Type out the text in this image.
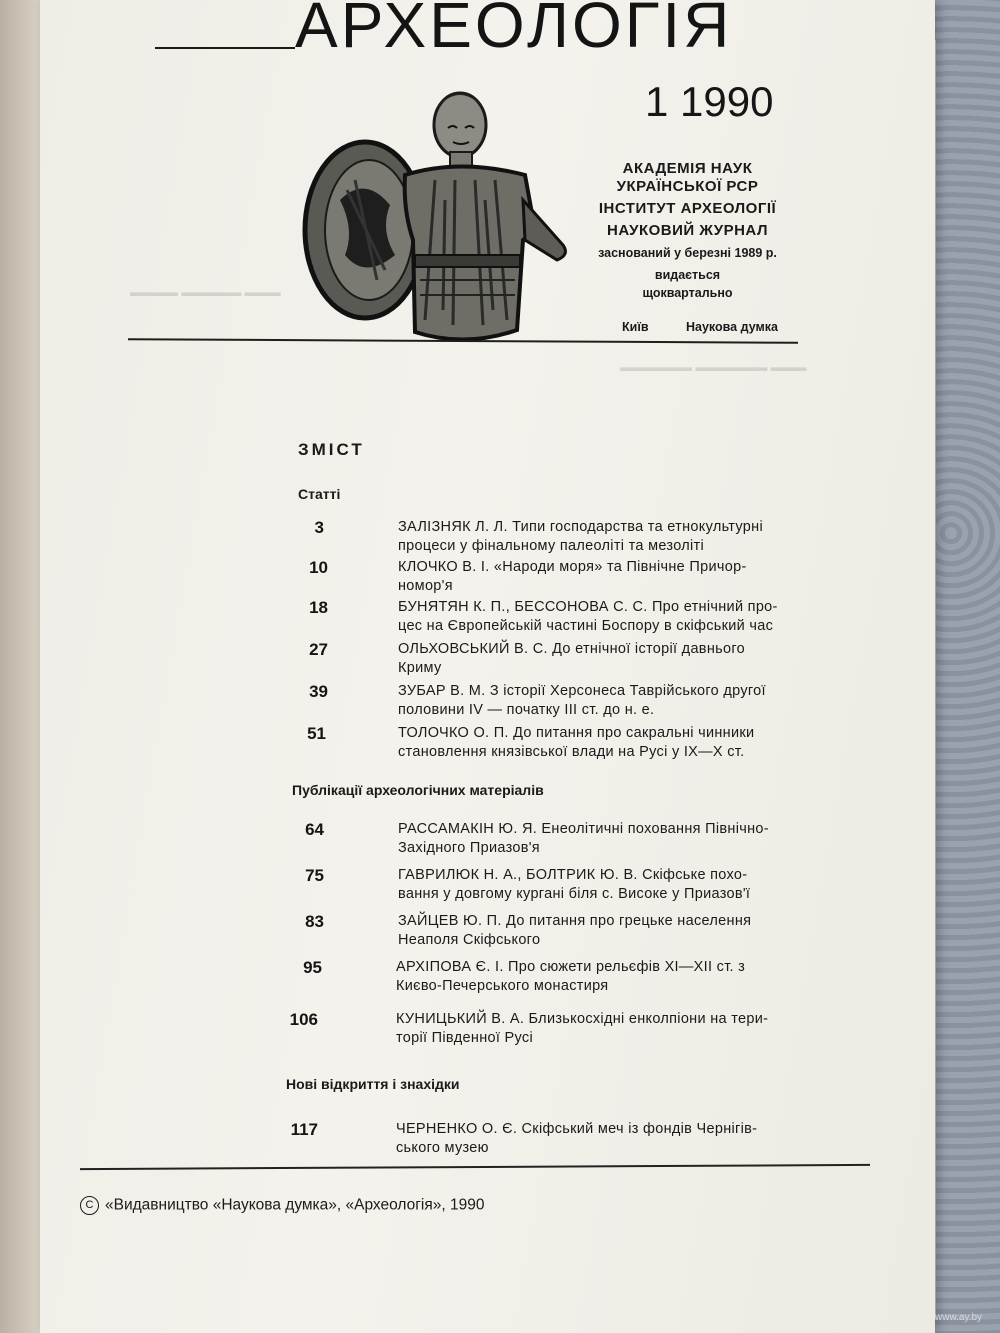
АРХЕОЛОГІЯ
1 1990
АКАДЕМІЯ НАУК
УКРАЇНСЬКОЇ РСР
ІНСТИТУТ АРХЕОЛОГІЇ
НАУКОВИЙ ЖУРНАЛ
заснований у березні 1989 р.
видається
щоквартально
Київ	Наукова думка
▬▬▬▬ ▬▬▬▬▬ ▬▬▬
▬▬▬▬▬▬ ▬▬▬▬▬▬ ▬▬▬
ЗМІСТ
Статті
3	ЗАЛІЗНЯК Л. Л. Типи господарства та етнокультурні
процеси у фінальному палеоліті та мезоліті
10	КЛОЧКО В. І. «Народи моря» та Північне Причор-
номор'я
18	БУНЯТЯН К. П., БЕССОНОВА С. С. Про етнічний про-
цес на Європейській частині Боспору в скіфський час
27	ОЛЬХОВСЬКИЙ В. С. До етнічної історії давнього
Криму
39	ЗУБАР В. М. З історії Херсонеса Таврійського другої
половини IV — початку III ст. до н. е.
51	ТОЛОЧКО О. П. До питання про сакральні чинники
становлення князівської влади на Русі у IX—X ст.
Публікації археологічних матеріалів
64	РАССАМАКІН Ю. Я. Енеолітичні поховання Північно-
Західного Приазов'я
75	ГАВРИЛЮК Н. А., БОЛТРИК Ю. В. Скіфське похо-
вання у довгому кургані біля с. Високе у Приазов'ї
83	ЗАЙЦЕВ Ю. П. До питання про грецьке населення
Неаполя Скіфського
95	АРХІПОВА Є. І. Про сюжети рельєфів XI—XII ст. з
Києво-Печерського монастиря
106	КУНИЦЬКИЙ В. А. Близькосхідні енколпіони на тери-
торії Південної Русі
Нові відкриття і знахідки
117	ЧЕРНЕНКО О. Є. Скіфський меч із фондів Чернігів-
ського музею
C «Видавництво «Наукова думка», «Археологія», 1990
www.ay.by
